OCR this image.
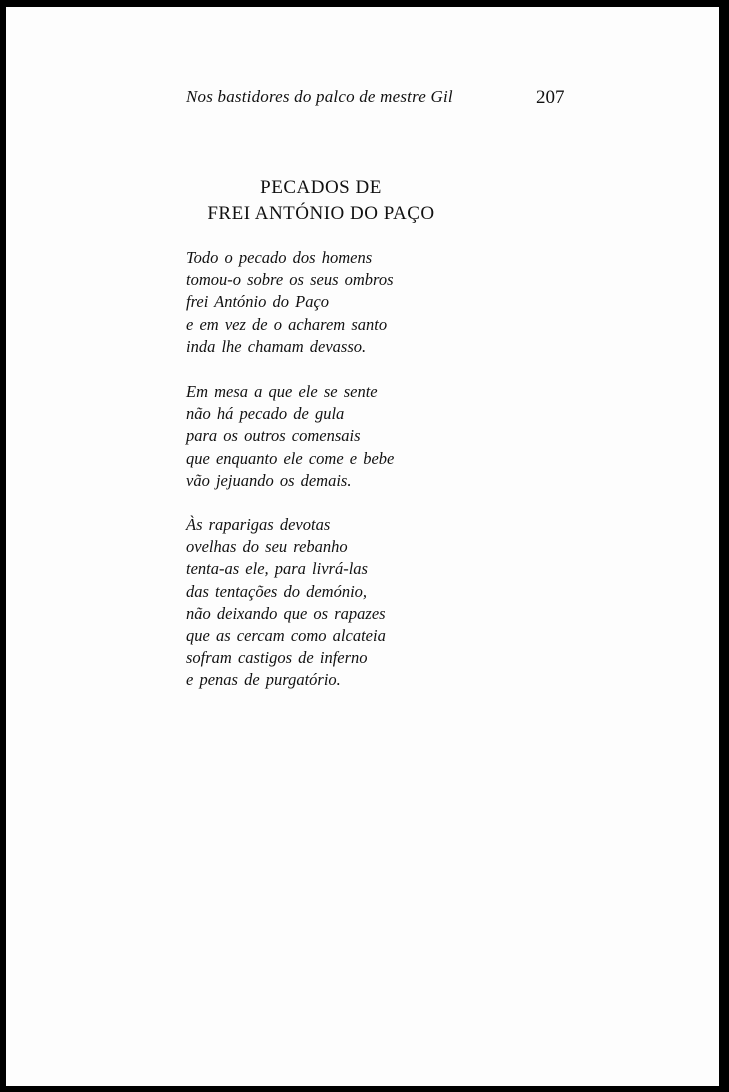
Nos bastidores do palco de mestre Gil	207
PECADOS DE
FREI ANTÓNIO DO PAÇO
Todo o pecado dos homens
tomou-o sobre os seus ombros
frei António do Paço
e em vez de o acharem santo
inda lhe chamam devasso.
Em mesa a que ele se sente
não há pecado de gula
para os outros comensais
que enquanto ele come e bebe
vão jejuando os demais.
Às raparigas devotas
ovelhas do seu rebanho
tenta-as ele, para livrá-las
das tentações do demónio,
não deixando que os rapazes
que as cercam como alcateia
sofram castigos de inferno
e penas de purgatório.
